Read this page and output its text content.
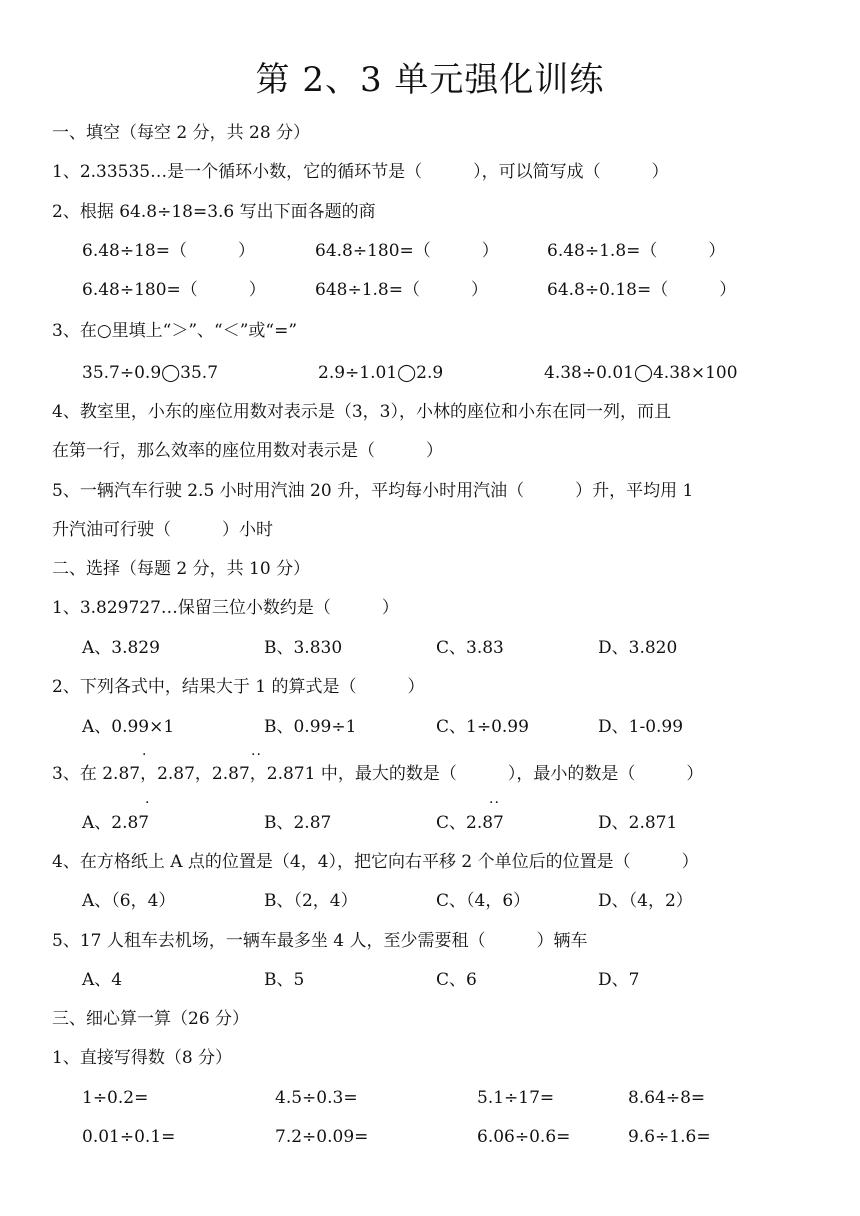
第 2、3 单元强化训练
一、填空（每空 2 分，共 28 分）
1、2.33535…是一个循环小数，它的循环节是（　　　），可以简写成（　　　）
2、根据 64.8÷18=3.6 写出下面各题的商
6.48÷18=（　　　）	64.8÷180=（　　　）	6.48÷1.8=（　　　）
6.48÷180=（　　　）	648÷1.8=（　　　）	64.8÷0.18=（　　　）
3、在○里填上“＞”、“＜”或“=”
35.7÷0.9◯35.7	2.9÷1.01◯2.9	4.38÷0.01◯4.38×100
4、教室里，小东的座位用数对表示是（3，3），小林的座位和小东在同一列，而且
在第一行，那么效率的座位用数对表示是（　　　）
5、一辆汽车行驶 2.5 小时用汽油 20 升，平均每小时用汽油（　　　）升，平均用 1
升汽油可行驶（　　　）小时
二、选择（每题 2 分，共 10 分）
1、3.829727…保留三位小数约是（　　　）
A、3.829	B、3.830	C、3.83	D、3.820
2、下列各式中，结果大于 1 的算式是（　　　）
A、0.99×1	B、0.99÷1	C、1÷0.99	D、1-0.99
·	··
3、在 2.87，2.87，2.87，2.871 中，最大的数是（　　　），最小的数是（　　　）
·	··
A、2.87	B、2.87	C、2.87	D、2.871
4、在方格纸上 A 点的位置是（4，4），把它向右平移 2 个单位后的位置是（　　　）
A、（6，4）	B、（2，4）	C、（4，6）	D、（4，2）
5、17 人租车去机场，一辆车最多坐 4 人，至少需要租（　　　）辆车
A、4	B、5	C、6	D、7
三、细心算一算（26 分）
1、直接写得数（8 分）
1÷0.2=	4.5÷0.3=	5.1÷17=	8.64÷8=
0.01÷0.1=	7.2÷0.09=	6.06÷0.6=	9.6÷1.6=
